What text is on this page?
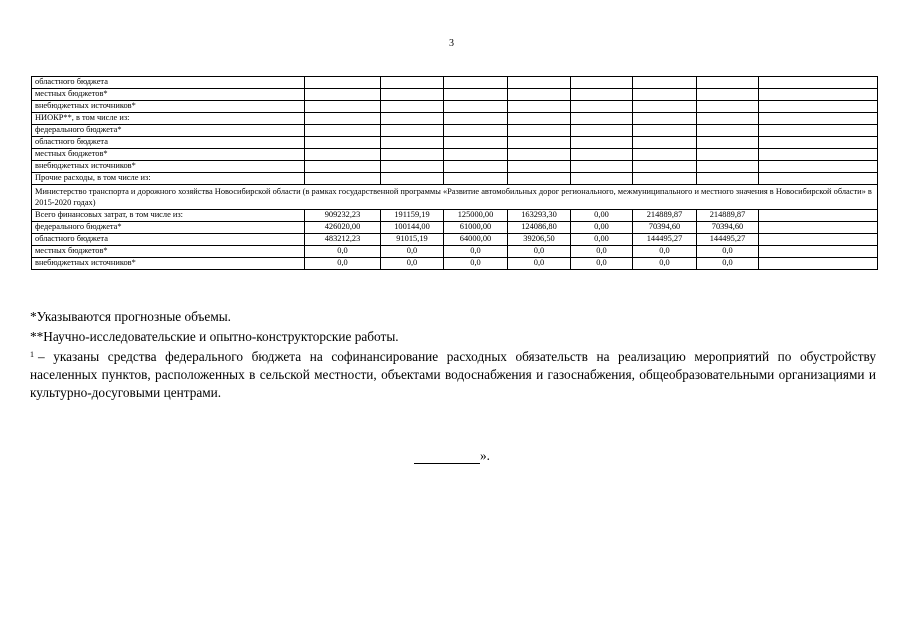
3
областного бюджета								
местных бюджетов*								
внебюджетных источников*								
НИОКР**, в том числе из:								
федерального бюджета*								
областного бюджета								
местных бюджетов*								
внебюджетных источников*								
Прочие расходы, в том числе из:								
Министерство транспорта и дорожного хозяйства Новосибирской области (в рамках государственной программы «Развитие автомобильных дорог регионального, межмуниципального и местного значения в Новосибирской области» в 2015-2020 годах)								
Всего финансовых затрат, в том числе из:	909232,23	191159,19	125000,00	163293,30	0,00	214889,87	214889,87	
федерального бюджета*	426020,00	100144,00	61000,00	124086,80	0,00	70394,60	70394,60	
областного бюджета	483212,23	91015,19	64000,00	39206,50	0,00	144495,27	144495,27	
местных бюджетов*	0,0	0,0	0,0	0,0	0,0	0,0	0,0	
внебюджетных источников*	0,0	0,0	0,0	0,0	0,0	0,0	0,0	

*Указываются прогнозные объемы.

**Научно-исследовательские и опытно-конструкторские работы.

$^1$ – указаны средства федерального бюджета на софинансирование расходных обязательств на реализацию мероприятий по обустройству населенных пунктов, расположенных в сельской местности, объектами водоснабжения и газоснабжения, общеобразовательными организациями и культурно-досуговыми центрами.

».
